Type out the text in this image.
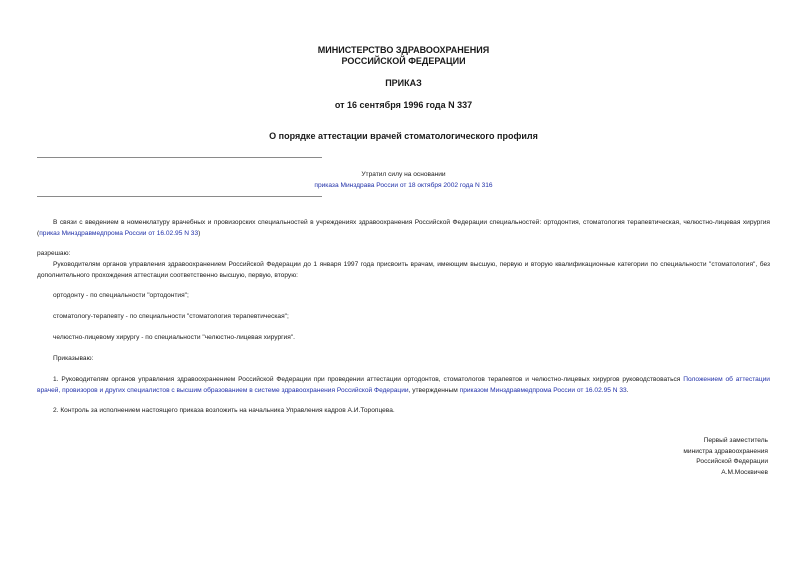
МИНИСТЕРСТВО ЗДРАВООХРАНЕНИЯ
РОССИЙСКОЙ ФЕДЕРАЦИИ
ПРИКАЗ
от 16 сентября 1996 года N 337
О порядке аттестации врачей стоматологического профиля
Утратил силу на основании
приказа Минздрава России от 18 октября 2002 года N 316
В связи с введением в номенклатуру врачебных и провизорских специальностей в учреждениях здравоохранения Российской Федерации специальностей: ортодонтия, стоматология терапевтическая, челюстно-лицевая хирургия (приказ Минздравмедпрома России от 16.02.95 N 33)
разрешаю:
Руководителям органов управления здравоохранением Российской Федерации до 1 января 1997 года присвоить врачам, имеющим высшую, первую и вторую квалификационные категории по специальности "стоматология", без дополнительного прохождения аттестации соответственно высшую, первую, вторую:
ортодонту - по специальности "ортодонтия";
стоматологу-терапевту - по специальности "стоматология терапевтическая";
челюстно-лицевому хирургу - по специальности "челюстно-лицевая хирургия".
Приказываю:
1. Руководителям органов управления здравоохранением Российской Федерации при проведении аттестации ортодонтов, стоматологов терапевтов и челюстно-лицевых хирургов руководствоваться Положением об аттестации врачей, провизоров и других специалистов с высшим образованием в системе здравоохранения Российской Федерации, утвержденным приказом Минздравмедпрома России от 16.02.95 N 33.
2. Контроль за исполнением настоящего приказа возложить на начальника Управления кадров А.И.Торопцева.
Первый заместитель
министра здравоохранения
Российской Федерации
А.М.Москвичев
